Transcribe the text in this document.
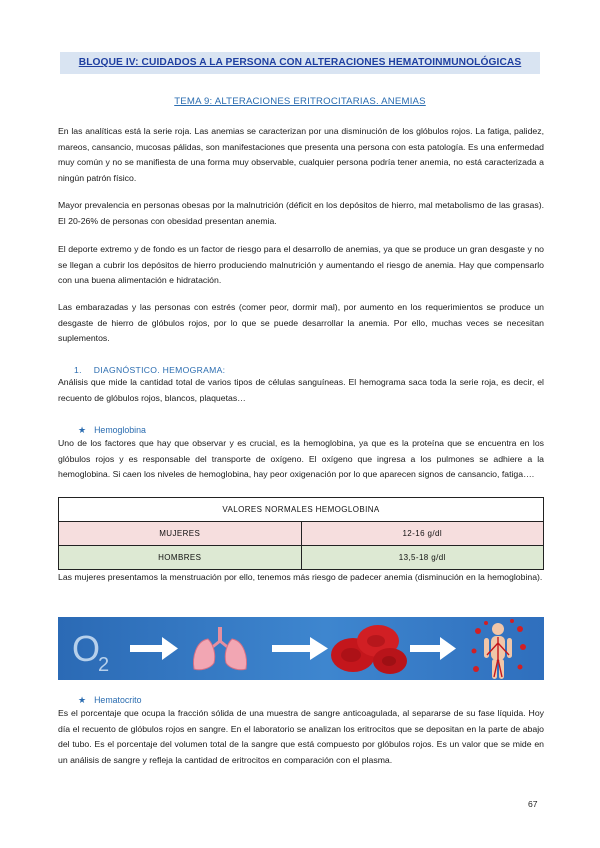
BLOQUE IV: CUIDADOS A LA PERSONA CON ALTERACIONES HEMATOINMUNOLÓGICAS
TEMA 9: ALTERACIONES ERITROCITARIAS. ANEMIAS

En las analíticas está la serie roja. Las anemias se caracterizan por una disminución de los glóbulos rojos. La fatiga, palidez, mareos, cansancio, mucosas pálidas, son manifestaciones que presenta una persona con esta patología. Es una enfermedad muy común y no se manifiesta de una forma muy observable, cualquier persona podría tener anemia, no está caracterizada a ningún patrón físico.

Mayor prevalencia en personas obesas por la malnutrición (déficit en los depósitos de hierro, mal metabolismo de las grasas). El 20-26% de personas con obesidad presentan anemia.

El deporte extremo y de fondo es un factor de riesgo para el desarrollo de anemias, ya que se produce un gran desgaste y no se llegan a cubrir los depósitos de hierro produciendo malnutrición y aumentando el riesgo de anemia. Hay que compensarlo con una buena alimentación e hidratación.

Las embarazadas y las personas con estrés (comer peor, dormir mal), por aumento en los requerimientos se produce un desgaste de hierro de glóbulos rojos, por lo que se puede desarrollar la anemia. Por ello, muchas veces se necesitan suplementos.

1. DIAGNÓSTICO. HEMOGRAMA:

Análisis que mide la cantidad total de varios tipos de células sanguíneas. El hemograma saca toda la serie roja, es decir, el recuento de glóbulos rojos, blancos, plaquetas…

★ Hemoglobina

Uno de los factores que hay que observar y es crucial, es la hemoglobina, ya que es la proteína que se encuentra en los glóbulos rojos y es responsable del transporte de oxígeno. El oxígeno que ingresa a los pulmones se adhiere a la hemoglobina. Si caen los niveles de hemoglobina, hay peor oxigenación por lo que aparecen signos de cansancio, fatiga….

VALORES NORMALES HEMOGLOBINA	
MUJERES	12-16 g/dl
HOMBRES	13,5-18 g/dl

Las mujeres presentamos la menstruación por ello, tenemos más riesgo de padecer anemia (disminución en la hemoglobina).

O
2
★ Hematocrito

Es el porcentaje que ocupa la fracción sólida de una muestra de sangre anticoagulada, al separarse de su fase líquida. Hoy día el recuento de glóbulos rojos en sangre. En el laboratorio se analizan los eritrocitos que se depositan en la parte de abajo del tubo. Es el porcentaje del volumen total de la sangre que está compuesto por glóbulos rojos. Es un valor que se mide en un análisis de sangre y refleja la cantidad de eritrocitos en comparación con el plasma.

67
